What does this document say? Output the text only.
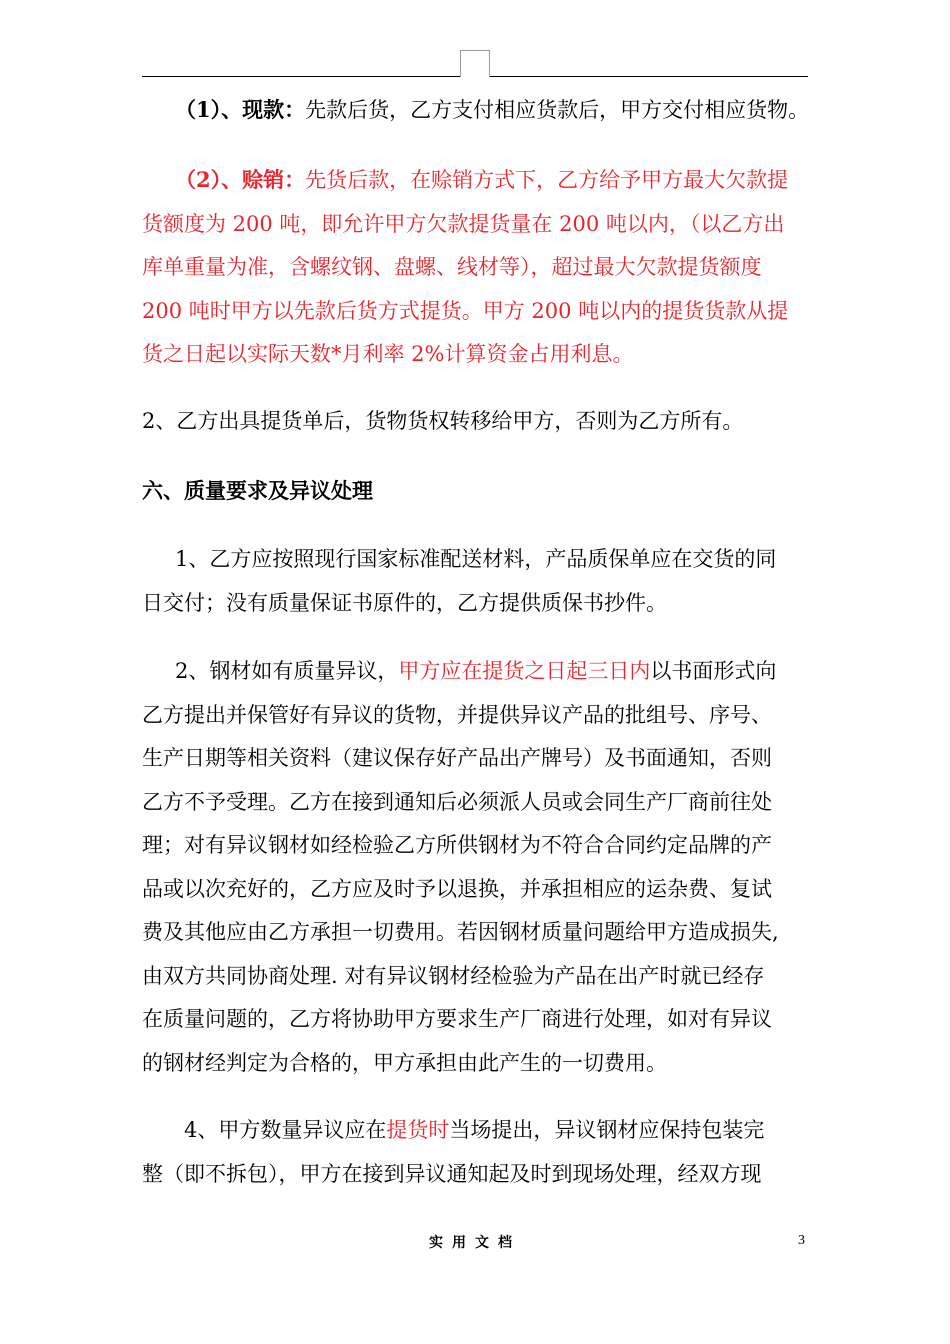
（1）、现款：先款后货，乙方支付相应货款后，甲方交付相应货物。

（2）、赊销：先货后款，在赊销方式下，乙方给予甲方最大欠款提
货额度为 200 吨，即允许甲方欠款提货量在 200 吨以内，（以乙方出
库单重量为准，含螺纹钢、盘螺、线材等），超过最大欠款提货额度
200 吨时甲方以先款后货方式提货。甲方 200 吨以内的提货货款从提
货之日起以实际天数*月利率 2%计算资金占用利息。

2、乙方出具提货单后，货物货权转移给甲方，否则为乙方所有。

六、质量要求及异议处理

1、乙方应按照现行国家标准配送材料，产品质保单应在交货的同
日交付；没有质量保证书原件的，乙方提供质保书抄件。
2、钢材如有质量异议，甲方应在提货之日起三日内以书面形式向
乙方提出并保管好有异议的货物，并提供异议产品的批组号、序号、
生产日期等相关资料（建议保存好产品出产牌号）及书面通知，否则
乙方不予受理。乙方在接到通知后必须派人员或会同生产厂商前往处
理；对有异议钢材如经检验乙方所供钢材为不符合合同约定品牌的产
品或以次充好的，乙方应及时予以退换，并承担相应的运杂费、复试
费及其他应由乙方承担一切费用。若因钢材质量问题给甲方造成损失,
由双方共同协商处理. 对有异议钢材经检验为产品在出产时就已经存
在质量问题的，乙方将协助甲方要求生产厂商进行处理，如对有异议
的钢材经判定为合格的，甲方承担由此产生的一切费用。
4、甲方数量异议应在提货时当场提出，异议钢材应保持包装完
整（即不拆包），甲方在接到异议通知起及时到现场处理，经双方现
实用文档	3
